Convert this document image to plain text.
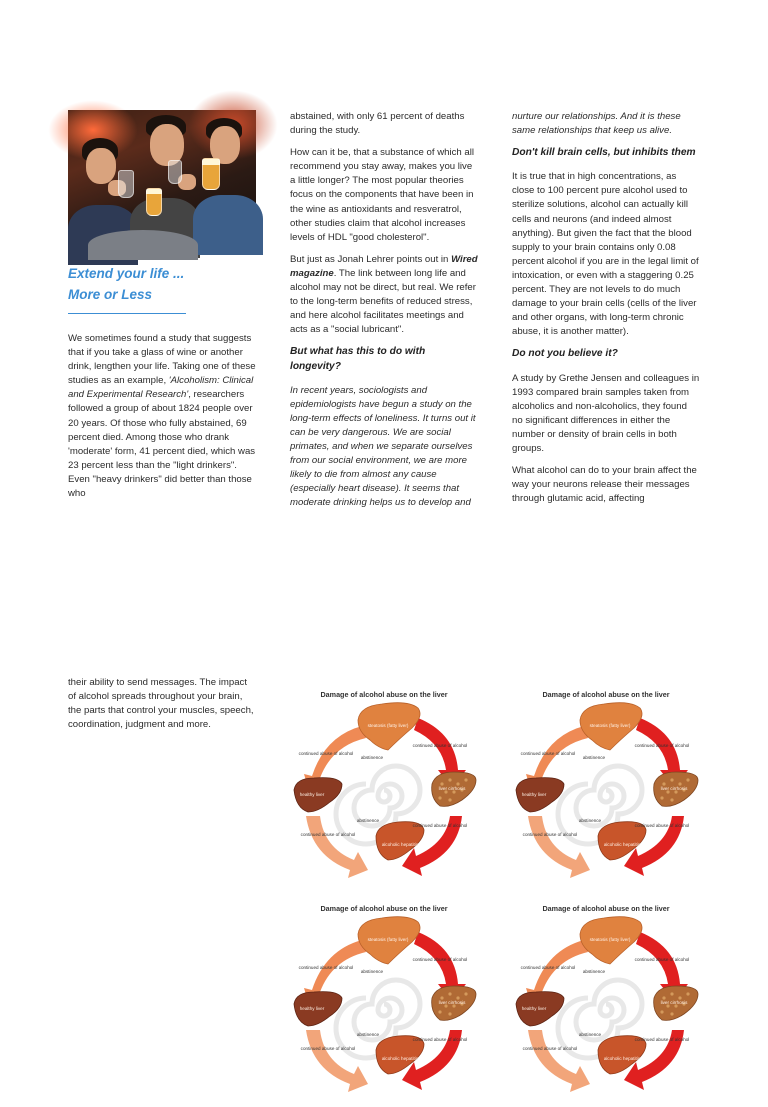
Extend your life ...
More or Less

We sometimes found a study that suggests that if you take a glass of wine or another drink, lengthen your life. Taking one of these studies as an example, 'Alcoholism: Clinical and Experimental Research', researchers followed a group of about 1824 people over 20 years. Of those who fully abstained, 69 percent died. Among those who drank 'moderate' form, 41 percent died, which was 23 percent less than the "light drinkers". Even "heavy drinkers" did better than those who

abstained, with only 61 percent of deaths during the study.

How can it be, that a substance of which all recommend you stay away, makes you live a little longer? The most popular theories focus on the components that have been in the wine as antioxidants and resveratrol, other studies claim that alcohol increases levels of HDL "good cholesterol".

But just as Jonah Lehrer points out in Wired magazine. The link between long life and alcohol may not be direct, but real. We refer to the long-term benefits of reduced stress, and here alcohol facilitates meetings and acts as a "social lubricant".

But what has this to do with longevity?

In recent years, sociologists and epidemiologists have begun a study on the long-term effects of loneliness. It turns out it can be very dangerous. We are social primates, and when we separate ourselves from our social environment, we are more likely to die from almost any cause (especially heart disease). It seems that moderate drinking helps us to develop and

nurture our relationships. And it is these same relationships that keep us alive.

Don't kill brain cells, but inhibits them

It is true that in high concentrations, as close to 100 percent pure alcohol used to sterilize solutions, alcohol can actually kill cells and neurons (and indeed almost anything). But given the fact that the blood supply to your brain contains only 0.08 percent alcohol if you are in the legal limit of intoxication, or even with a staggering 0.25 percent. They are not levels to do much damage to your brain cells (cells of the liver and other organs, with long-term chronic abuse, it is another matter).

Do not you believe it?

A study by Grethe Jensen and colleagues in 1993 compared brain samples taken from alcoholics and non-alcoholics, they found no significant differences in either the number or density of brain cells in both groups.

What alcohol can do to your brain affect the way your neurons release their messages through glutamic acid, affecting

their ability to send messages. The impact of alcohol spreads throughout your brain, the parts that control your muscles, speech, coordination, judgment and more.

Damage of alcohol abuse on the liver
steatosis (fatty liver)
continued abuse of alcohol
continued abuse of alcohol
abstinence
healthy liver
liver cirrhosis
abstinence
continued abuse of alcohol
continued abuse of alcohol
alcoholic hepatitis
Damage of alcohol abuse on the liver
steatosis (fatty liver)
continued abuse of alcohol
continued abuse of alcohol
abstinence
healthy liver
liver cirrhosis
abstinence
continued abuse of alcohol
continued abuse of alcohol
alcoholic hepatitis
Damage of alcohol abuse on the liver
steatosis (fatty liver)
continued abuse of alcohol
continued abuse of alcohol
abstinence
healthy liver
liver cirrhosis
abstinence
continued abuse of alcohol
continued abuse of alcohol
alcoholic hepatitis
Damage of alcohol abuse on the liver
steatosis (fatty liver)
continued abuse of alcohol
continued abuse of alcohol
abstinence
healthy liver
liver cirrhosis
abstinence
continued abuse of alcohol
continued abuse of alcohol
alcoholic hepatitis
